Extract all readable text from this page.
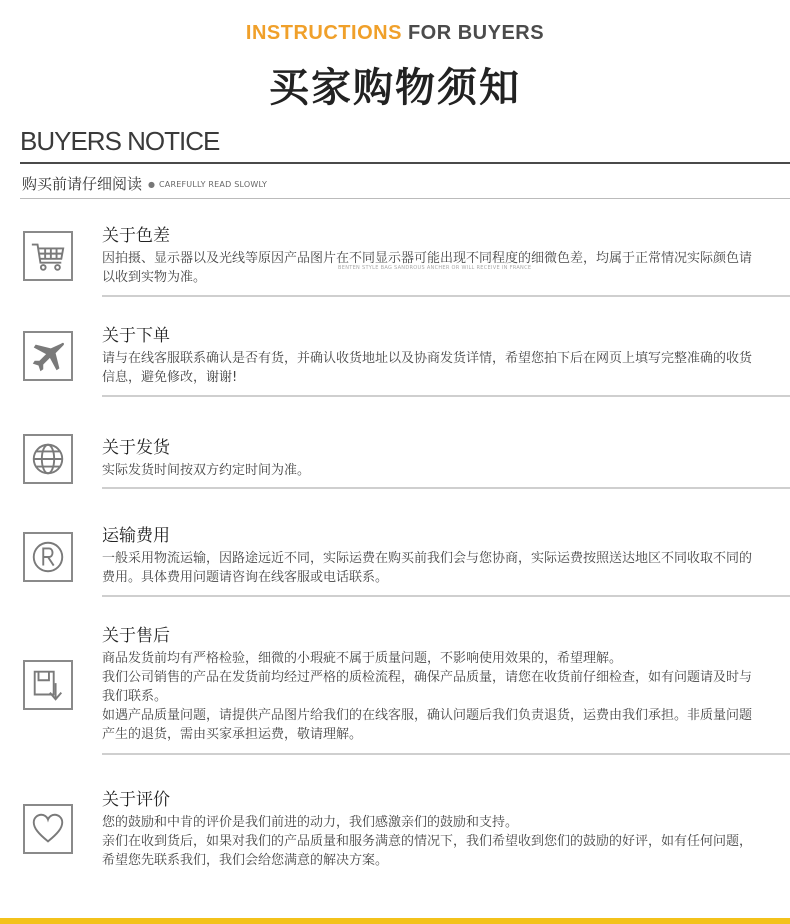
INSTRUCTIONS FOR BUYERS
买家购物须知
BUYERS NOTICE
购买前请仔细阅读 ● CAREFULLY READ SLOWLY
关于色差

因拍摄、显示器以及光线等原因产品图片在不同显示器可能出现不同程度的细微色差，均属于正常情况实际颜色请以收到实物为准。

BENTEN STYLE BAG SANDROUS ANCHER OR WILL RECEIVE IN FRANCE
关于下单

请与在线客服联系确认是否有货，并确认收货地址以及协商发货详情，希望您拍下后在网页上填写完整准确的收货信息，避免修改，谢谢!

关于发货

实际发货时间按双方约定时间为准。

运输费用

一般采用物流运输，因路途远近不同，实际运费在购买前我们会与您协商，实际运费按照送达地区不同收取不同的费用。具体费用问题请咨询在线客服或电话联系。

关于售后

商品发货前均有严格检验，细微的小瑕疵不属于质量问题，不影响使用效果的，希望理解。

我们公司销售的产品在发货前均经过严格的质检流程，确保产品质量，请您在收货前仔细检查，如有问题请及时与我们联系。

如遇产品质量问题，请提供产品图片给我们的在线客服，确认问题后我们负责退货，运费由我们承担。非质量问题产生的退货，需由买家承担运费，敬请理解。

关于评价

您的鼓励和中肯的评价是我们前进的动力，我们感激亲们的鼓励和支持。

亲们在收到货后，如果对我们的产品质量和服务满意的情况下，我们希望收到您们的鼓励的好评，如有任何问题，希望您先联系我们，我们会给您满意的解决方案。
